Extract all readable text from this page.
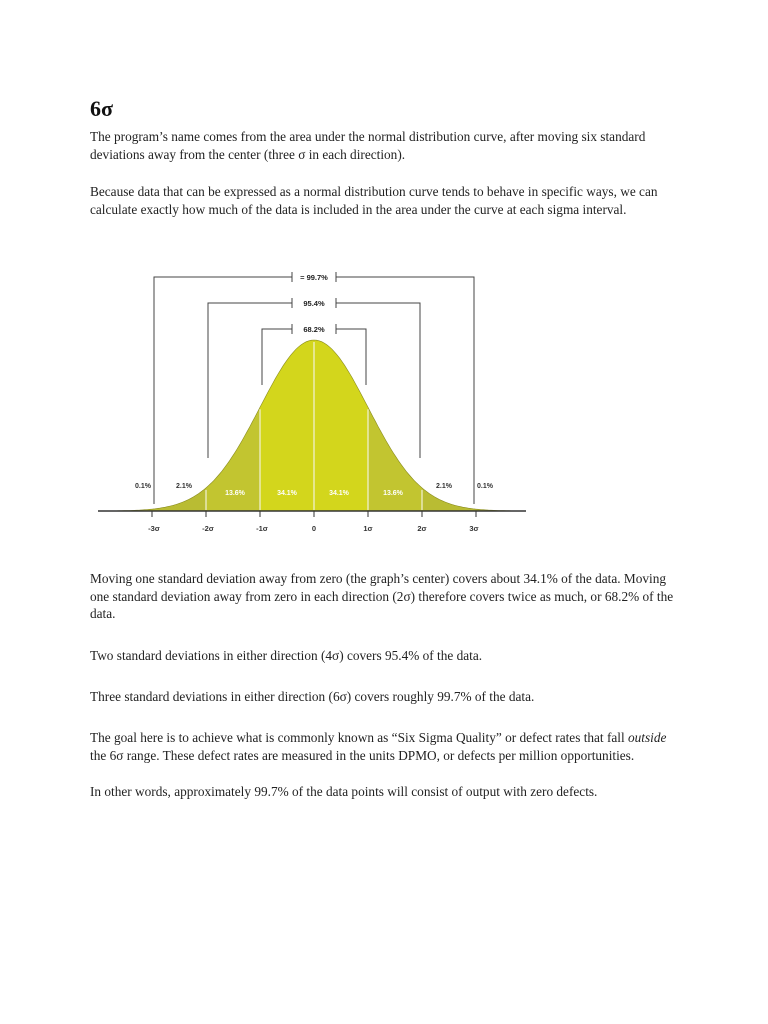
6σ

The program’s name comes from the area under the normal distribution curve, after moving six standard deviations away from the center (three σ in each direction).

Because data that can be expressed as a normal distribution curve tends to behave in specific ways, we can calculate exactly how much of the data is included in the area under the curve at each sigma interval.

= 99.7%
95.4%
68.2%
13.6%	34.1%	34.1%	13.6%
0.1%	2.1%	2.1%	0.1%
-3σ	-2σ	-1σ	0	1σ	2σ	3σ

Moving one standard deviation away from zero (the graph’s center) covers about 34.1% of the data. Moving one standard deviation away from zero in each direction (2σ) therefore covers twice as much, or 68.2% of the data.

Two standard deviations in either direction (4σ) covers 95.4% of the data.

Three standard deviations in either direction (6σ) covers roughly 99.7% of the data.

The goal here is to achieve what is commonly known as “Six Sigma Quality” or defect rates that fall outside the 6σ range. These defect rates are measured in the units DPMO, or defects per million opportunities.

In other words, approximately 99.7% of the data points will consist of output with zero defects.
